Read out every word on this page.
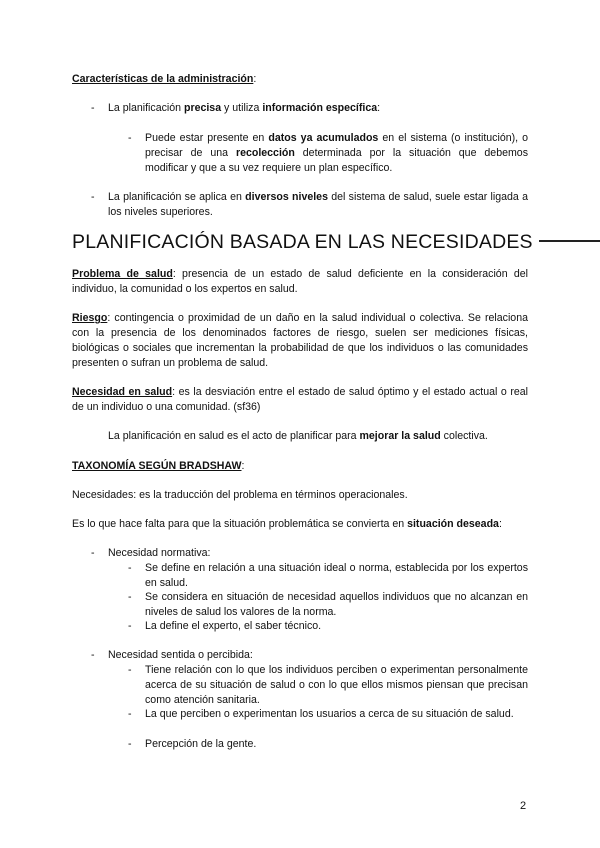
Características de la administración:
-	La planificación precisa y utiliza información específica:
-	Puede estar presente en datos ya acumulados en el sistema (o institución), o precisar de una recolección determinada por la situación que debemos modificar y que a su vez requiere un plan específico.
-	La planificación se aplica en diversos niveles del sistema de salud, suele estar ligada a los niveles superiores.
PLANIFICACIÓN BASADA EN LAS NECESIDADES
Problema de salud: presencia de un estado de salud deficiente en la consideración del individuo, la comunidad o los expertos en salud.
Riesgo: contingencia o proximidad de un daño en la salud individual o colectiva. Se relaciona con la presencia de los denominados factores de riesgo, suelen ser mediciones físicas, biológicas o sociales que incrementan la probabilidad de que los individuos o las comunidades presenten o sufran un problema de salud.
Necesidad en salud: es la desviación entre el estado de salud óptimo y el estado actual o real de un individuo o una comunidad. (sf36)
La planificación en salud es el acto de planificar para mejorar la salud colectiva.
TAXONOMÍA SEGÚN BRADSHAW:
Necesidades: es la traducción del problema en términos operacionales.
Es lo que hace falta para que la situación problemática se convierta en situación deseada:
-	Necesidad normativa:
-	Se define en relación a una situación ideal o norma, establecida por los expertos en salud.
-	Se considera en situación de necesidad aquellos individuos que no alcanzan en niveles de salud los valores de la norma.
-	La define el experto, el saber técnico.
-	Necesidad sentida o percibida:
-	Tiene relación con lo que los individuos perciben o experimentan personalmente acerca de su situación de salud o con lo que ellos mismos piensan que precisan como atención sanitaria.
-	La que perciben o experimentan los usuarios a cerca de su situación de salud.
-	Percepción de la gente.
2
